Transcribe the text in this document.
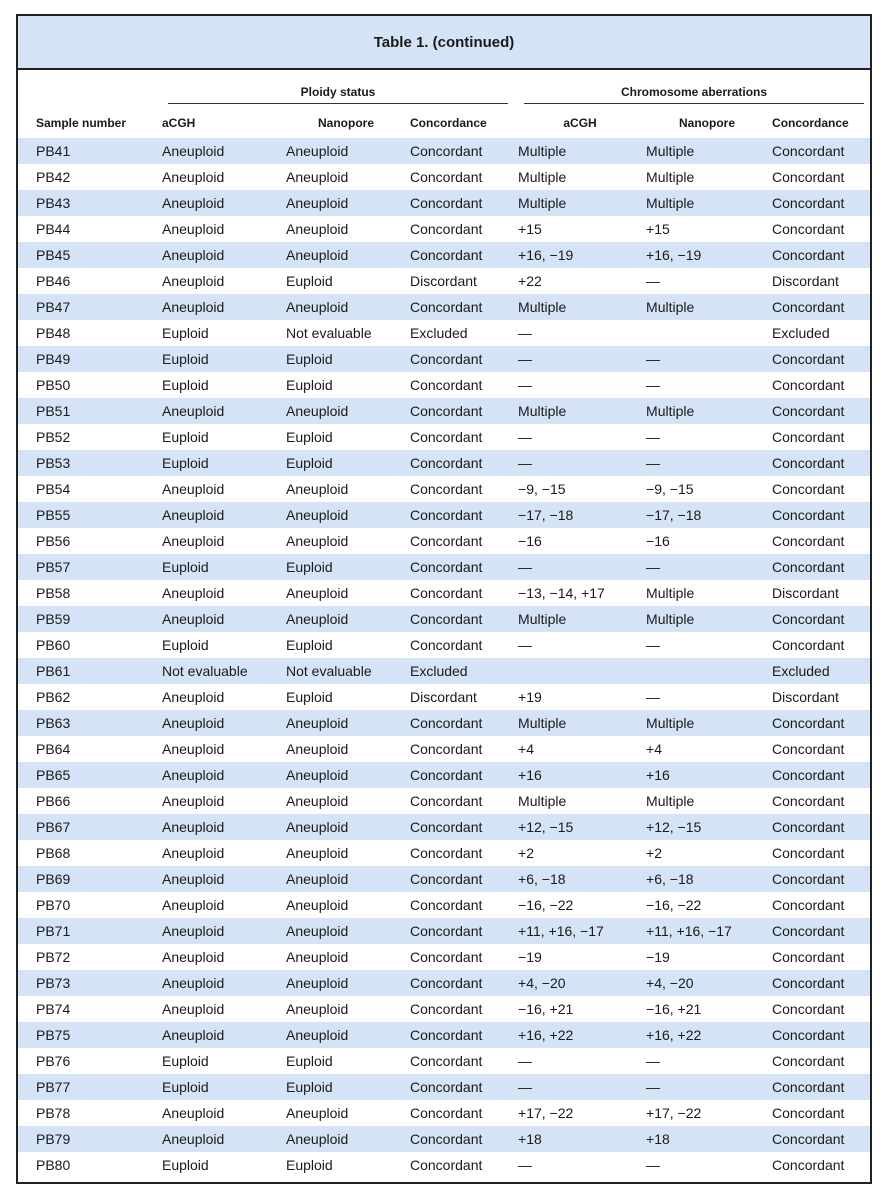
Table 1. (continued)

	Ploidy status			Chromosome aberrations		

Sample number	aCGH	Nanopore	Concordance	aCGH	Nanopore	Concordance
PB41	Aneuploid	Aneuploid	Concordant	Multiple	Multiple	Concordant
PB42	Aneuploid	Aneuploid	Concordant	Multiple	Multiple	Concordant
PB43	Aneuploid	Aneuploid	Concordant	Multiple	Multiple	Concordant
PB44	Aneuploid	Aneuploid	Concordant	+15	+15	Concordant
PB45	Aneuploid	Aneuploid	Concordant	+16, −19	+16, −19	Concordant
PB46	Aneuploid	Euploid	Discordant	+22	—	Discordant
PB47	Aneuploid	Aneuploid	Concordant	Multiple	Multiple	Concordant
PB48	Euploid	Not evaluable	Excluded	—		Excluded
PB49	Euploid	Euploid	Concordant	—	—	Concordant
PB50	Euploid	Euploid	Concordant	—	—	Concordant
PB51	Aneuploid	Aneuploid	Concordant	Multiple	Multiple	Concordant
PB52	Euploid	Euploid	Concordant	—	—	Concordant
PB53	Euploid	Euploid	Concordant	—	—	Concordant
PB54	Aneuploid	Aneuploid	Concordant	−9, −15	−9, −15	Concordant
PB55	Aneuploid	Aneuploid	Concordant	−17, −18	−17, −18	Concordant
PB56	Aneuploid	Aneuploid	Concordant	−16	−16	Concordant
PB57	Euploid	Euploid	Concordant	—	—	Concordant
PB58	Aneuploid	Aneuploid	Concordant	−13, −14, +17	Multiple	Discordant
PB59	Aneuploid	Aneuploid	Concordant	Multiple	Multiple	Concordant
PB60	Euploid	Euploid	Concordant	—	—	Concordant
PB61	Not evaluable	Not evaluable	Excluded			Excluded
PB62	Aneuploid	Euploid	Discordant	+19	—	Discordant
PB63	Aneuploid	Aneuploid	Concordant	Multiple	Multiple	Concordant
PB64	Aneuploid	Aneuploid	Concordant	+4	+4	Concordant
PB65	Aneuploid	Aneuploid	Concordant	+16	+16	Concordant
PB66	Aneuploid	Aneuploid	Concordant	Multiple	Multiple	Concordant
PB67	Aneuploid	Aneuploid	Concordant	+12, −15	+12, −15	Concordant
PB68	Aneuploid	Aneuploid	Concordant	+2	+2	Concordant
PB69	Aneuploid	Aneuploid	Concordant	+6, −18	+6, −18	Concordant
PB70	Aneuploid	Aneuploid	Concordant	−16, −22	−16, −22	Concordant
PB71	Aneuploid	Aneuploid	Concordant	+11, +16, −17	+11, +16, −17	Concordant
PB72	Aneuploid	Aneuploid	Concordant	−19	−19	Concordant
PB73	Aneuploid	Aneuploid	Concordant	+4, −20	+4, −20	Concordant
PB74	Aneuploid	Aneuploid	Concordant	−16, +21	−16, +21	Concordant
PB75	Aneuploid	Aneuploid	Concordant	+16, +22	+16, +22	Concordant
PB76	Euploid	Euploid	Concordant	—	—	Concordant
PB77	Euploid	Euploid	Concordant	—	—	Concordant
PB78	Aneuploid	Aneuploid	Concordant	+17, −22	+17, −22	Concordant
PB79	Aneuploid	Aneuploid	Concordant	+18	+18	Concordant
PB80	Euploid	Euploid	Concordant	—	—	Concordant
